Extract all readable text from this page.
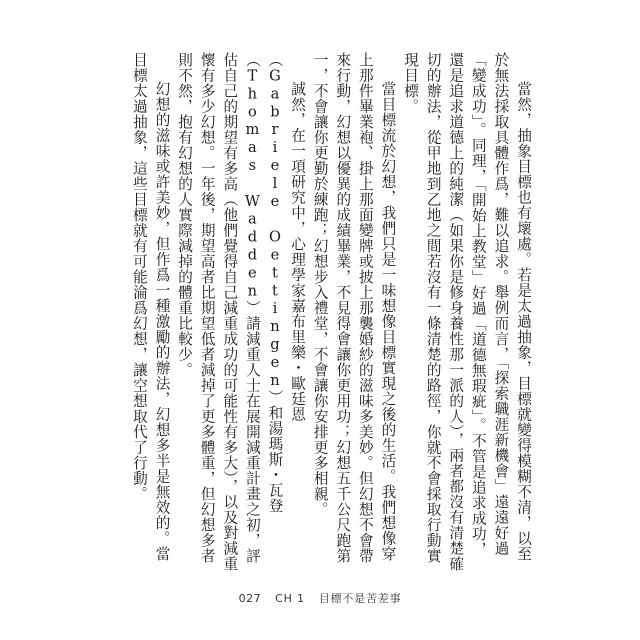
當然，抽象目標也有壞處。若是太過抽象，目標就變得模糊不清，以至於無法採取具體作爲，難以追求。舉例而言，「探索職涯新機會」遠遠好過「變成功」。同理，「開始上教堂」好過「道德無瑕疵」。不管是追求成功，還是追求道德上的純潔（如果你是修身養性那一派的人），兩者都沒有清楚確切的辦法，從甲地到乙地之間若沒有一條清楚的路徑，你就不會採取行動實現目標。

當目標流於幻想，我們只是一味想像目標實現之後的生活。我們想像穿上那件畢業袍、掛上那面變牌或披上那襲婚紗的滋味多美妙。但幻想不會帶來行動，幻想以優異的成績畢業，不見得會讓你更用功；幻想五千公尺跑第一，不會讓你更勤於練跑；幻想步入禮堂，不會讓你安排更多相親。

誠然，在一項研究中，心理學家嘉布里樂・歐廷恩（Gabriele Oettingen）和湯瑪斯・瓦登（Thomas Wadden）請減重人士在展開減重計畫之初，評估自己的期望有多高（他們覺得自己減重成功的可能性有多大），以及對減重懷有多少幻想。一年後，期望高者比期望低者減掉了更多體重，但幻想多者則不然，抱有幻想的人實際減掉的體重比較少。

幻想的滋味或許美妙，但作爲一種激勵的辦法，幻想多半是無效的。當目標太過抽象，這些目標就有可能淪爲幻想，讓空想取代了行動。

027 CH 1 目標不是苦差事
